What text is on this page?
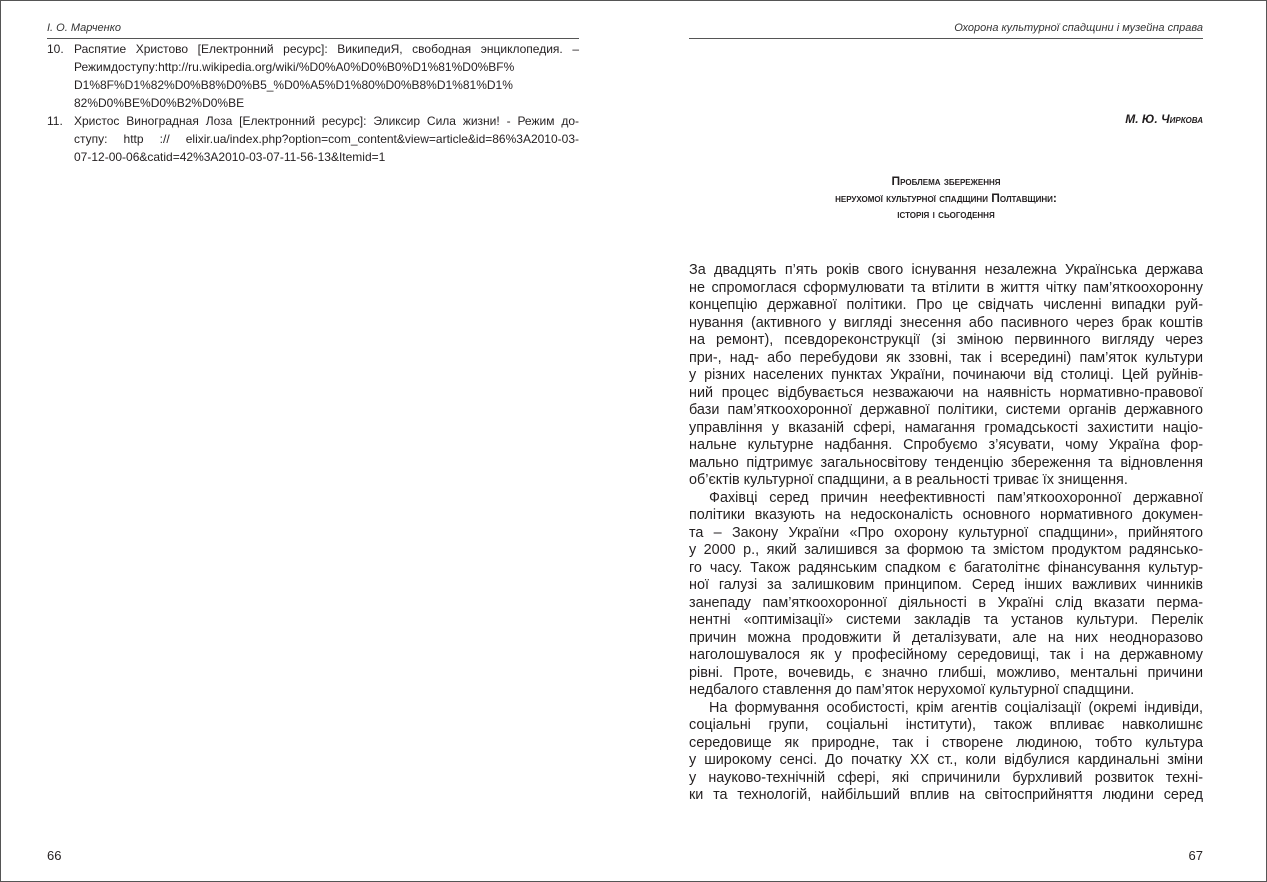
І. О. Марченко
10. Распятие Христово [Електронний ресурс]: ВикипедиЯ, свободная энциклопедия. –
Режимдоступу:http://ru.wikipedia.org/wiki/%D0%A0%D0%B0%D1%81%D0%BF%
D1%8F%D1%82%D0%B8%D0%B5_%D0%A5%D1%80%D0%B8%D1%81%D1%
82%D0%BE%D0%B2%D0%BE
11. Христос Виноградная Лоза [Електронний ресурс]: Эликсир Сила жизни! - Режим до-
ступу: http :// elixir.ua/index.php?option=com_content&view=article&id=86%3A2010-03-
07-12-00-06&catid=42%3A2010-03-07-11-56-13&Itemid=1
66
Охорона культурної спадщини і музейна справа
М. Ю. Чиркова
Проблема збереження
нерухомої культурної спадщини Полтавщини:
історія і сьогодення
За двадцять п’ять років свого існування незалежна Українська держава
не спромоглася сформулювати та втілити в життя чітку пам’яткоохоронну
концепцію державної політики. Про це свідчать численні випадки руй-
нування (активного у вигляді знесення або пасивного через брак коштів
на ремонт), псевдореконструкції (зі зміною первинного вигляду через
при-, над- або перебудови як ззовні, так і всередині) пам’яток культури
у різних населених пунктах України, починаючи від столиці. Цей руйнів-
ний процес відбувається незважаючи на наявність нормативно-правової
бази пам’яткоохоронної державної політики, системи органів державного
управління у вказаній сфері, намагання громадськості захистити націо-
нальне культурне надбання. Спробуємо з’ясувати, чому Україна фор-
мально підтримує загальносвітову тенденцію збереження та відновлення
об’єктів культурної спадщини, а в реальності триває їх знищення.
Фахівці серед причин неефективності пам’яткоохоронної державної
політики вказують на недосконалість основного нормативного докумен-
та – Закону України «Про охорону культурної спадщини», прийнятого
у 2000 р., який залишився за формою та змістом продуктом радянсько-
го часу. Також радянським спадком є багатолітнє фінансування культур-
ної галузі за залишковим принципом. Серед інших важливих чинників
занепаду пам’яткоохоронної діяльності в Україні слід вказати перма-
нентні «оптимізації» системи закладів та установ культури. Перелік
причин можна продовжити й деталізувати, але на них неодноразово
наголошувалося як у професійному середовищі, так і на державному
рівні. Проте, вочевидь, є значно глибші, можливо, ментальні причини
недбалого ставлення до пам’яток нерухомої культурної спадщини.
На формування особистості, крім агентів соціалізації (окремі індивіди,
соціальні групи, соціальні інститути), також впливає навколишнє
середовище як природне, так і створене людиною, тобто культура
у широкому сенсі. До початку XX ст., коли відбулися кардинальні зміни
у науково-технічній сфері, які спричинили бурхливий розвиток техні-
ки та технологій, найбільший вплив на світосприйняття людини серед
67
